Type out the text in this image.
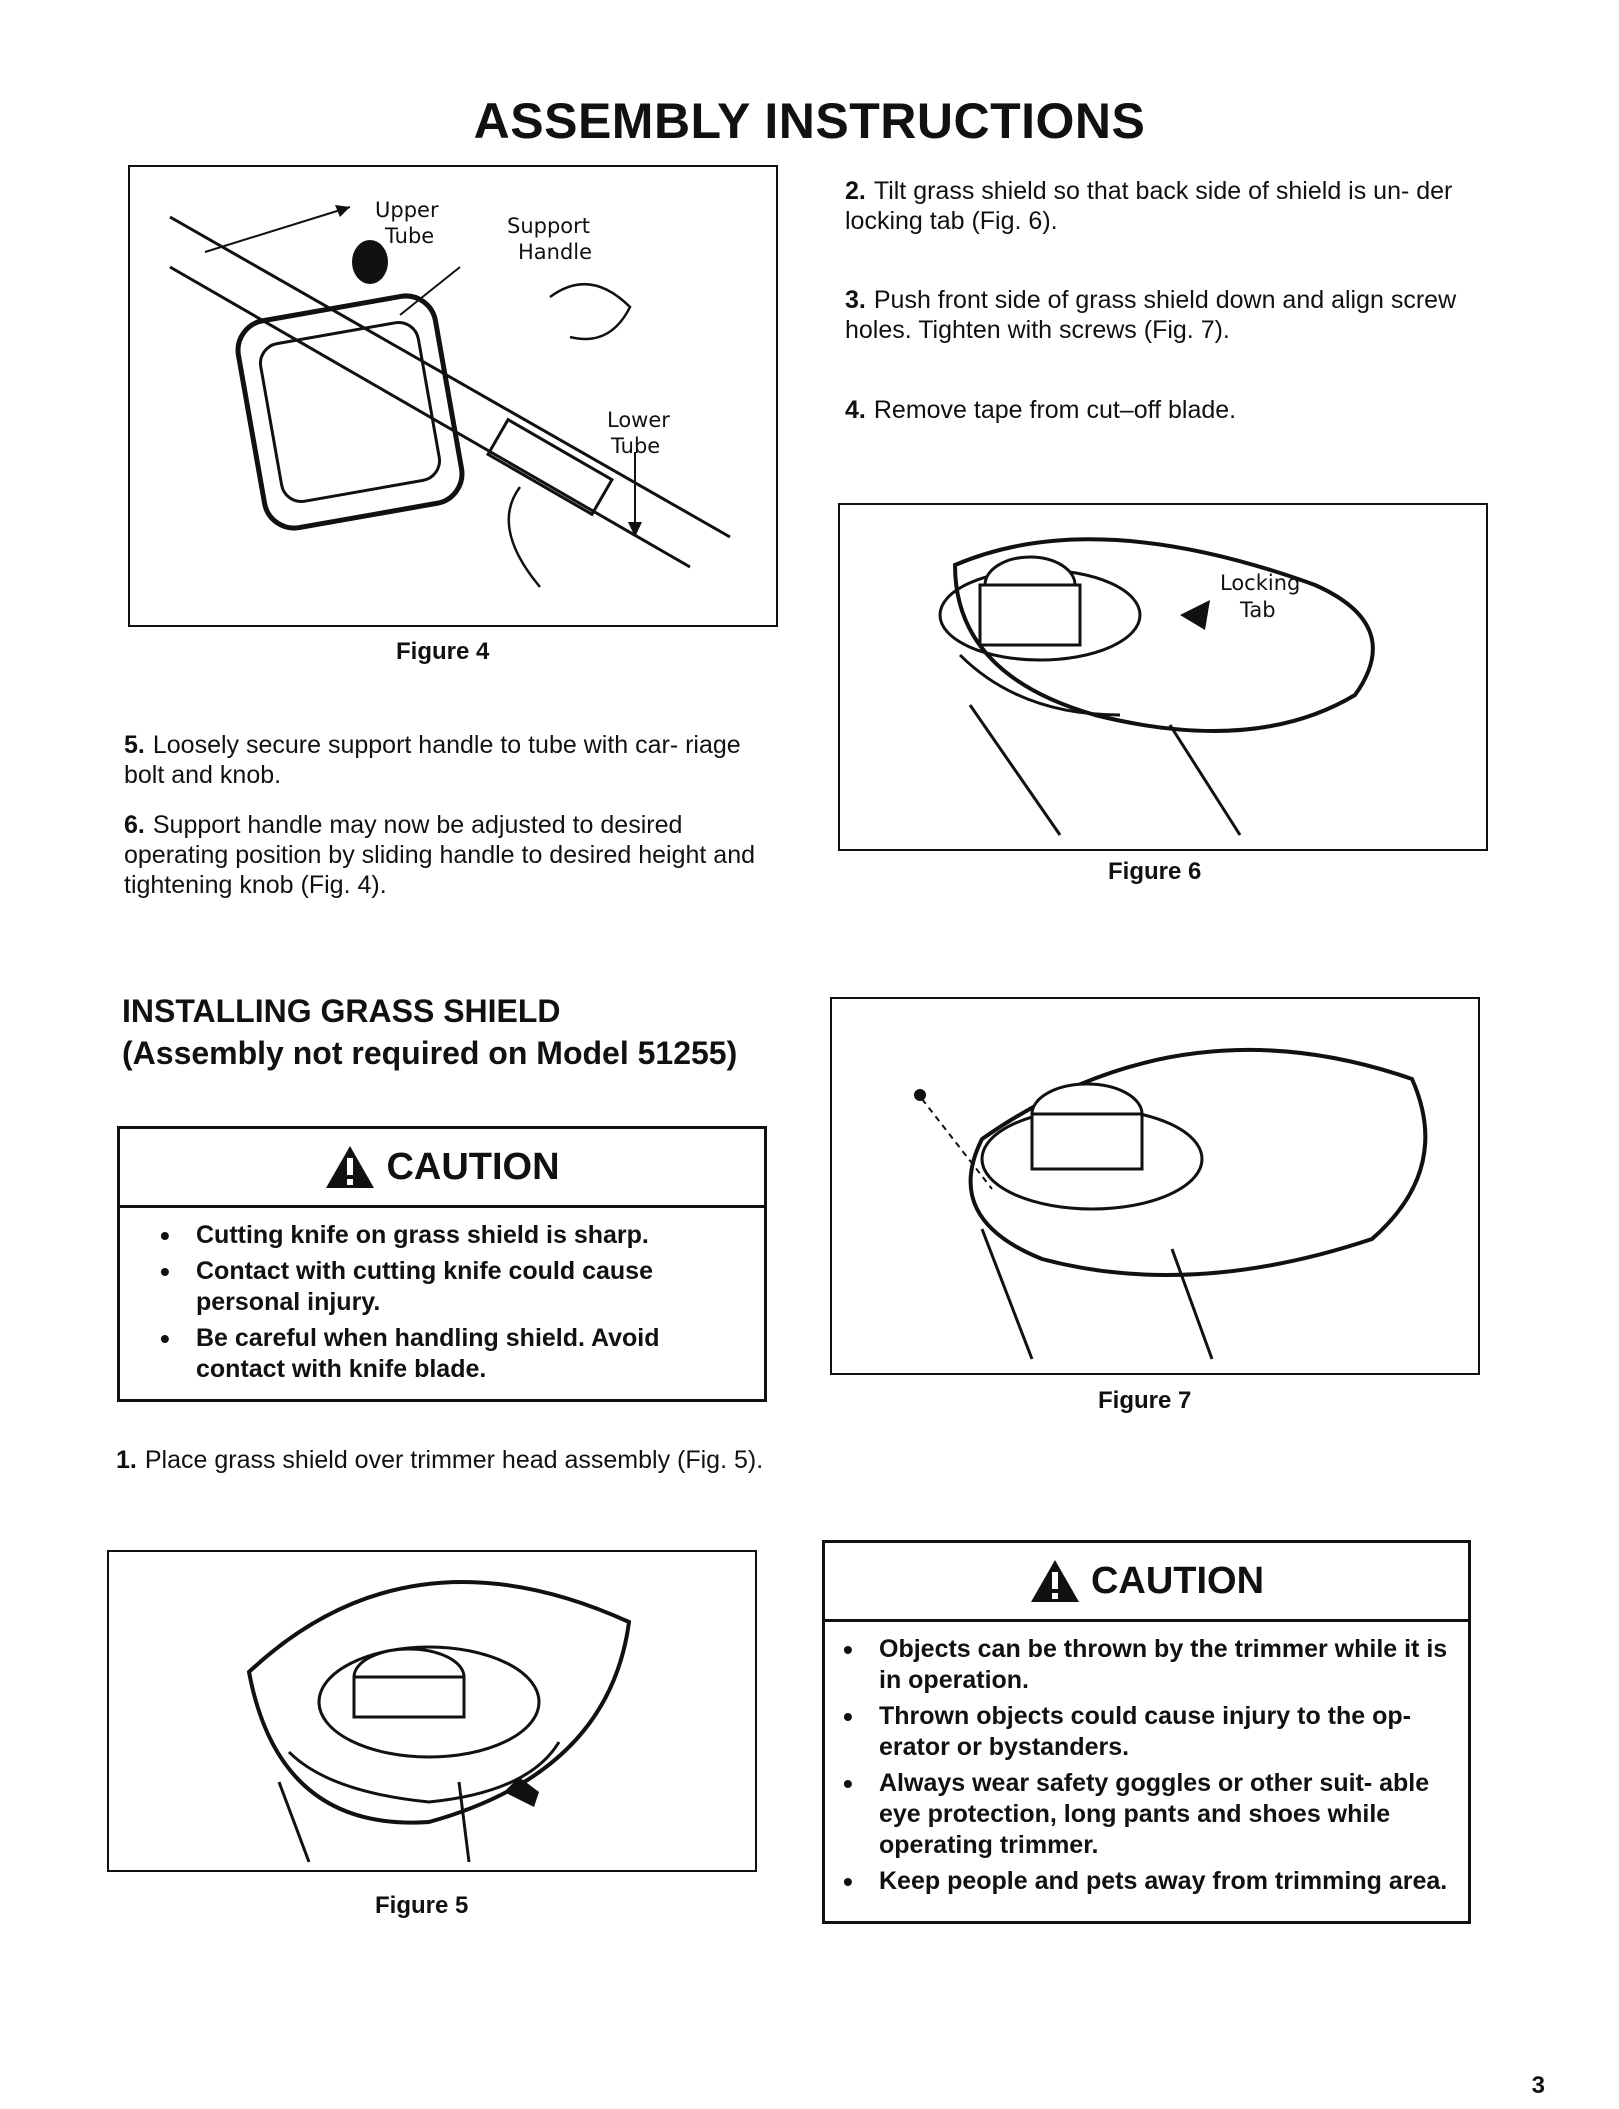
ASSEMBLY INSTRUCTIONS
Upper
Tube	Support
Handle
Lower
Tube
Figure 4
5. Loosely secure support handle to tube with car- riage bolt and knob.
6. Support handle may now be adjusted to desired operating position by sliding handle to desired height and tightening knob (Fig. 4).
INSTALLING GRASS SHIELD
(Assembly not required on Model 51255)
CAUTION
• Cutting knife on grass shield is sharp.
• Contact with cutting knife could cause personal injury.
• Be careful when handling shield. Avoid contact with knife blade.
1. Place grass shield over trimmer head assembly (Fig. 5).
Figure 5
2. Tilt grass shield so that back side of shield is un- der locking tab (Fig. 6).
3. Push front side of grass shield down and align screw holes. Tighten with screws (Fig. 7).
4. Remove tape from cut–off blade.
Locking
Tab
Figure 6
Figure 7
CAUTION
• Objects can be thrown by the trimmer while it is in operation.
• Thrown objects could cause injury to the op- erator or bystanders.
• Always wear safety goggles or other suit- able eye protection, long pants and shoes while operating trimmer.
• Keep people and pets away from trimming area.
3
